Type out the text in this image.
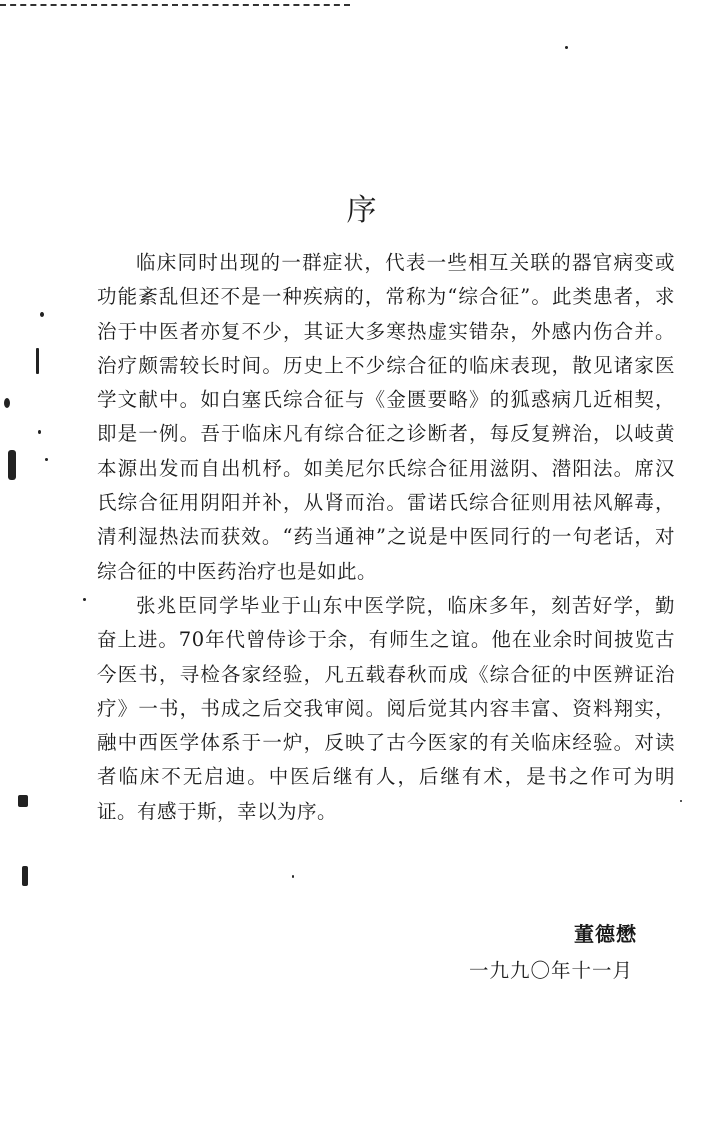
序

临床同时出现的一群症状，代表一些相互关联的器官病变或功能紊乱但还不是一种疾病的，常称为“综合征”。此类患者，求治于中医者亦复不少，其证大多寒热虚实错杂，外感内伤合并。治疗颇需较长时间。历史上不少综合征的临床表现，散见诸家医学文献中。如白塞氏综合征与《金匮要略》的狐惑病几近相契，即是一例。吾于临床凡有综合征之诊断者，每反复辨治，以岐黄本源出发而自出机杼。如美尼尔氏综合征用滋阴、潜阳法。席汉氏综合征用阴阳并补，从肾而治。雷诺氏综合征则用祛风解毒，清利湿热法而获效。“药当通神”之说是中医同行的一句老话，对综合征的中医药治疗也是如此。

张兆臣同学毕业于山东中医学院，临床多年，刻苦好学，勤奋上进。70年代曾侍诊于余，有师生之谊。他在业余时间披览古今医书，寻检各家经验，凡五载春秋而成《综合征的中医辨证治疗》一书，书成之后交我审阅。阅后觉其内容丰富、资料翔实，融中西医学体系于一炉，反映了古今医家的有关临床经验。对读者临床不无启迪。中医后继有人，后继有术，是书之作可为明证。有感于斯，幸以为序。

董德懋
一九九〇年十一月
